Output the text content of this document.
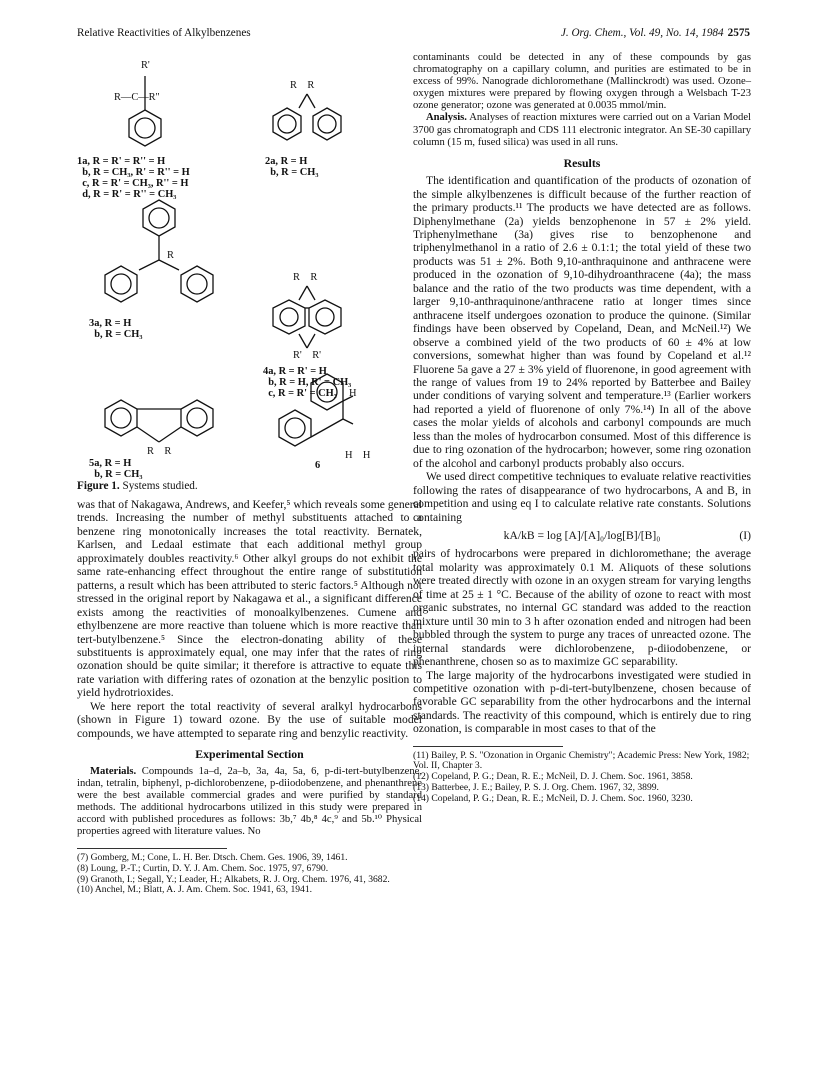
Relative Reactivities of Alkylbenzenes	J. Org. Chem., Vol. 49, No. 14, 1984 2575
R'
R—C—R''
1a, R = R' = R'' = H
b, R = CH₃, R' = R'' = H
c, R = R' = CH₃, R'' = H
d, R = R' = R'' = CH₃
R    R
2a, R = H
b, R = CH₃
R
3a, R = H
b, R = CH₃
R    R
R'    R'
4a, R = R' = H
b, R = H, R' = CH₃
c, R = R' = CH₃
R    R
5a, R = H
b, R = CH₃
H
H    H
6
Figure 1. Systems studied.

was that of Nakagawa, Andrews, and Keefer,⁵ which reveals some general trends. Increasing the number of methyl substituents attached to a benzene ring monotonically increases the total reactivity. Bernatek, Karlsen, and Ledaal estimate that each additional methyl group approximately doubles reactivity.⁶ Other alkyl groups do not exhibit the same rate-enhancing effect throughout the entire range of substitution patterns, a result which has been attributed to steric factors.⁵ Although not stressed in the original report by Nakagawa et al., a significant difference exists among the reactivities of monoalkylbenzenes. Cumene and ethylbenzene are more reactive than toluene which is more reactive than tert-butylbenzene.⁵ Since the electron-donating ability of these substituents is approximately equal, one may infer that the rates of ring ozonation should be quite similar; it therefore is attractive to equate this rate variation with differing rates of ozonation at the benzylic position to yield hydrotrioxides.

We here report the total reactivity of several aralkyl hydrocarbons (shown in Figure 1) toward ozone. By the use of suitable model compounds, we have attempted to separate ring and benzylic reactivity.

Experimental Section

Materials. Compounds 1a–d, 2a–b, 3a, 4a, 5a, 6, p-di-tert-butylbenzene, indan, tetralin, biphenyl, p-dichlorobenzene, p-diiodobenzene, and phenanthrene were the best available commercial grades and were purified by standard methods. The additional hydrocarbons utilized in this study were prepared in accord with published procedures as follows: 3b,⁷ 4b,⁸ 4c,⁹ and 5b.¹⁰ Physical properties agreed with literature values. No

(7) Gomberg, M.; Cone, L. H. Ber. Dtsch. Chem. Ges. 1906, 39, 1461.
(8) Loung, P.-T.; Curtin, D. Y. J. Am. Chem. Soc. 1975, 97, 6790.
(9) Granoth, I.; Segall, Y.; Leader, H.; Alkabets, R. J. Org. Chem. 1976, 41, 3682.
(10) Anchel, M.; Blatt, A. J. Am. Chem. Soc. 1941, 63, 1941.

contaminants could be detected in any of these compounds by gas chromatography on a capillary column, and purities are estimated to be in excess of 99%. Nanograde dichloromethane (Mallinckrodt) was used. Ozone–oxygen mixtures were prepared by flowing oxygen through a Welsbach T-23 ozone generator; ozone was generated at 0.0035 mmol/min.

Analysis. Analyses of reaction mixtures were carried out on a Varian Model 3700 gas chromatograph and CDS 111 electronic integrator. An SE-30 capillary column (15 m, fused silica) was used in all runs.

Results

The identification and quantification of the products of ozonation of the simple alkylbenzenes is difficult because of the further reaction of the primary products.¹¹ The products we have detected are as follows. Diphenylmethane (2a) yields benzophenone in 57 ± 2% yield. Triphenylmethane (3a) gives rise to benzophenone and triphenylmethanol in a ratio of 2.6 ± 0.1:1; the total yield of these two products was 51 ± 2%. Both 9,10-anthraquinone and anthracene were produced in the ozonation of 9,10-dihydroanthracene (4a); the mass balance and the ratio of the two products was time dependent, with a larger 9,10-anthraquinone/anthracene ratio at longer times since anthracene itself undergoes ozonation to produce the quinone. (Similar findings have been observed by Copeland, Dean, and McNeil.¹²) We observe a combined yield of the two products of 60 ± 4% at low conversions, somewhat higher than was found by Copeland et al.¹² Fluorene 5a gave a 27 ± 3% yield of fluorenone, in good agreement with the range of values from 19 to 24% reported by Batterbee and Bailey under conditions of varying solvent and temperature.¹³ (Earlier workers had reported a yield of fluorenone of only 7%.¹⁴) In all of the above cases the molar yields of alcohols and carbonyl compounds are much less than the moles of hydrocarbon consumed. Most of this difference is due to ring ozonation of the hydrocarbon; however, some ring ozonation of the alcohol and carbonyl products probably also occurs.

We used direct competitive techniques to evaluate relative reactivities following the rates of disappearance of two hydrocarbons, A and B, in competition and using eq I to calculate relative rate constants. Solutions containing

kA/kB = log [A]/[A]₀/log[B]/[B]₀	(I)

pairs of hydrocarbons were prepared in dichloromethane; the average total molarity was approximately 0.1 M. Aliquots of these solutions were treated directly with ozone in an oxygen stream for varying lengths of time at 25 ± 1 °C. Because of the ability of ozone to react with most organic substrates, no internal GC standard was added to the reaction mixture until 30 min to 3 h after ozonation ended and nitrogen had been bubbled through the system to purge any traces of unreacted ozone. The internal standards were dichlorobenzene, p-diiodobenzene, or phenanthrene, chosen so as to maximize GC separability.

The large majority of the hydrocarbons investigated were studied in competitive ozonation with p-di-tert-butylbenzene, chosen because of favorable GC separability from the other hydrocarbons and the internal standards. The reactivity of this compound, which is entirely due to ring ozonation, is comparable in most cases to that of the

(11) Bailey, P. S. "Ozonation in Organic Chemistry"; Academic Press: New York, 1982; Vol. II, Chapter 3.
(12) Copeland, P. G.; Dean, R. E.; McNeil, D. J. Chem. Soc. 1961, 3858.
(13) Batterbee, J. E.; Bailey, P. S. J. Org. Chem. 1967, 32, 3899.
(14) Copeland, P. G.; Dean, R. E.; McNeil, D. J. Chem. Soc. 1960, 3230.
